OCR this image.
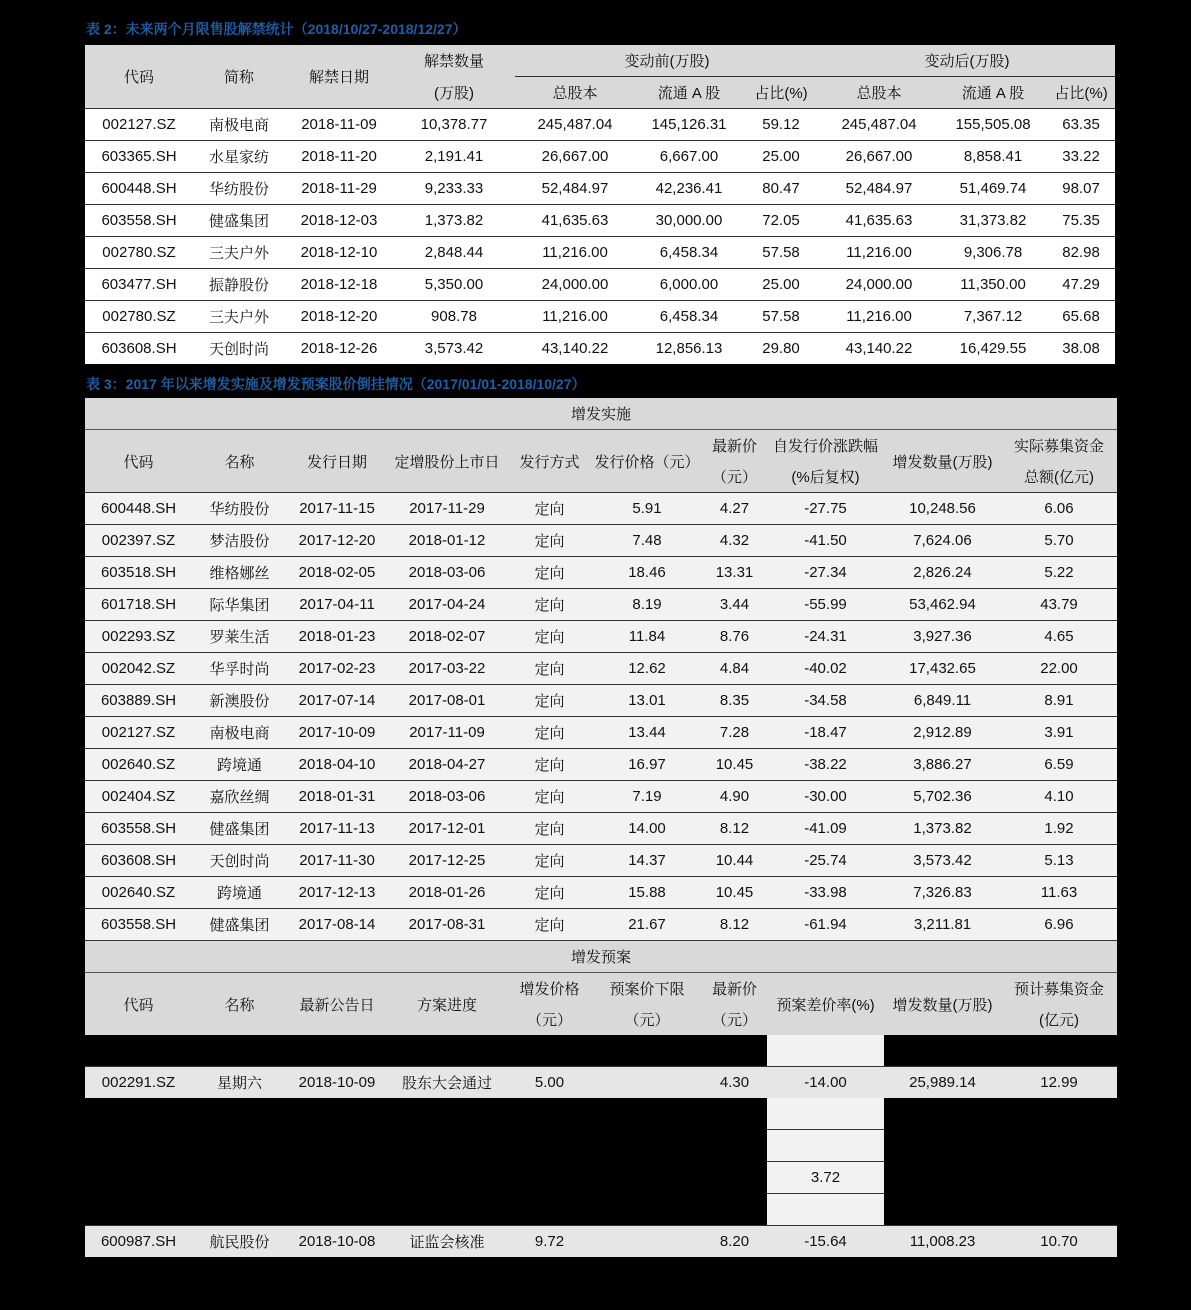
表 2：未来两个月限售股解禁统计（2018/10/27-2018/12/27）
代码	简称	解禁日期	解禁数量	变动前(万股)			变动后(万股)		
			(万股)	总股本	流通 A 股	占比(%)	总股本	流通 A 股	占比(%)
002127.SZ	南极电商	2018-11-09	10,378.77	245,487.04	145,126.31	59.12	245,487.04	155,505.08	63.35
603365.SH	水星家纺	2018-11-20	2,191.41	26,667.00	6,667.00	25.00	26,667.00	8,858.41	33.22
600448.SH	华纺股份	2018-11-29	9,233.33	52,484.97	42,236.41	80.47	52,484.97	51,469.74	98.07
603558.SH	健盛集团	2018-12-03	1,373.82	41,635.63	30,000.00	72.05	41,635.63	31,373.82	75.35
002780.SZ	三夫户外	2018-12-10	2,848.44	11,216.00	6,458.34	57.58	11,216.00	9,306.78	82.98
603477.SH	振静股份	2018-12-18	5,350.00	24,000.00	6,000.00	25.00	24,000.00	11,350.00	47.29
002780.SZ	三夫户外	2018-12-20	908.78	11,216.00	6,458.34	57.58	11,216.00	7,367.12	65.68
603608.SH	天创时尚	2018-12-26	3,573.42	43,140.22	12,856.13	29.80	43,140.22	16,429.55	38.08
表 3：2017 年以来增发实施及增发预案股价倒挂情况（2017/01/01-2018/10/27）
增发实施									
代码	名称	发行日期	定增股份上市日	发行方式	发行价格（元）	最新价	自发行价涨跌幅	增发数量(万股)	实际募集资金
						（元）	(%后复权)		总额(亿元)
600448.SH	华纺股份	2017-11-15	2017-11-29	定向	5.91	4.27	-27.75	10,248.56	6.06
002397.SZ	梦洁股份	2017-12-20	2018-01-12	定向	7.48	4.32	-41.50	7,624.06	5.70
603518.SH	维格娜丝	2018-02-05	2018-03-06	定向	18.46	13.31	-27.34	2,826.24	5.22
601718.SH	际华集团	2017-04-11	2017-04-24	定向	8.19	3.44	-55.99	53,462.94	43.79
002293.SZ	罗莱生活	2018-01-23	2018-02-07	定向	11.84	8.76	-24.31	3,927.36	4.65
002042.SZ	华孚时尚	2017-02-23	2017-03-22	定向	12.62	4.84	-40.02	17,432.65	22.00
603889.SH	新澳股份	2017-07-14	2017-08-01	定向	13.01	8.35	-34.58	6,849.11	8.91
002127.SZ	南极电商	2017-10-09	2017-11-09	定向	13.44	7.28	-18.47	2,912.89	3.91
002640.SZ	跨境通	2018-04-10	2018-04-27	定向	16.97	10.45	-38.22	3,886.27	6.59
002404.SZ	嘉欣丝绸	2018-01-31	2018-03-06	定向	7.19	4.90	-30.00	5,702.36	4.10
603558.SH	健盛集团	2017-11-13	2017-12-01	定向	14.00	8.12	-41.09	1,373.82	1.92
603608.SH	天创时尚	2017-11-30	2017-12-25	定向	14.37	10.44	-25.74	3,573.42	5.13
002640.SZ	跨境通	2017-12-13	2018-01-26	定向	15.88	10.45	-33.98	7,326.83	11.63
603558.SH	健盛集团	2017-08-14	2017-08-31	定向	21.67	8.12	-61.94	3,211.81	6.96
增发预案									
代码	名称	最新公告日	方案进度	增发价格	预案价下限	最新价	预案差价率(%)	增发数量(万股)	预计募集资金
				（元）	（元）	（元）			(亿元)

002291.SZ	星期六	2018-10-09	股东大会通过	5.00		4.30	-14.00	25,989.14	12.99

							3.72		

600987.SH	航民股份	2018-10-08	证监会核准	9.72		8.20	-15.64	11,008.23	10.70
